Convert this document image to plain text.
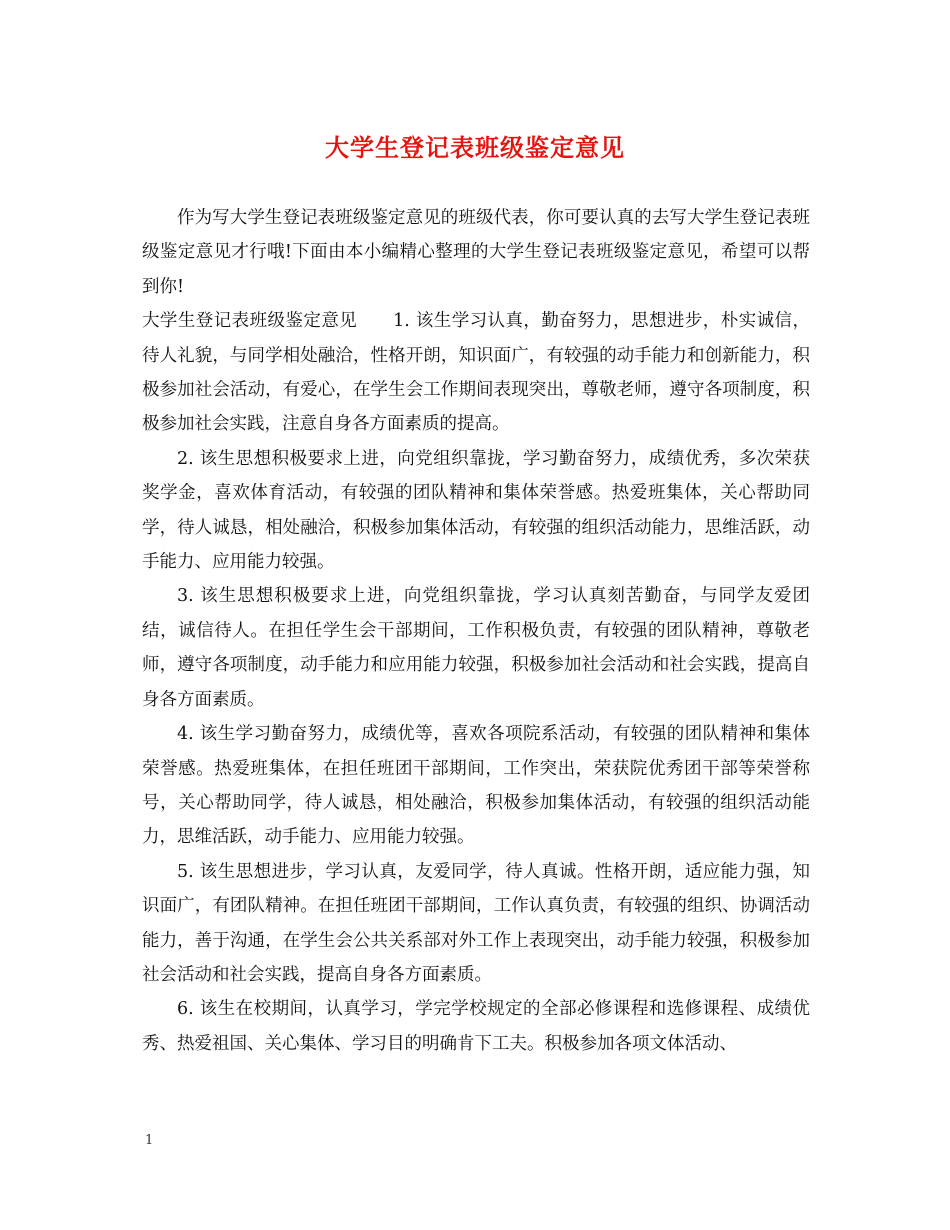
大学生登记表班级鉴定意见

作为写大学生登记表班级鉴定意见的班级代表，你可要认真的去写大学生登记表班级鉴定意见才行哦!下面由本小编精心整理的大学生登记表班级鉴定意见，希望可以帮到你!

大学生登记表班级鉴定意见　　1. 该生学习认真，勤奋努力，思想进步，朴实诚信，待人礼貌，与同学相处融洽，性格开朗，知识面广，有较强的动手能力和创新能力，积极参加社会活动，有爱心，在学生会工作期间表现突出，尊敬老师，遵守各项制度，积极参加社会实践，注意自身各方面素质的提高。

2. 该生思想积极要求上进，向党组织靠拢，学习勤奋努力，成绩优秀，多次荣获奖学金，喜欢体育活动，有较强的团队精神和集体荣誉感。热爱班集体，关心帮助同学，待人诚恳，相处融洽，积极参加集体活动，有较强的组织活动能力，思维活跃，动手能力、应用能力较强。

3. 该生思想积极要求上进，向党组织靠拢，学习认真刻苦勤奋，与同学友爱团结，诚信待人。在担任学生会干部期间，工作积极负责，有较强的团队精神，尊敬老师，遵守各项制度，动手能力和应用能力较强，积极参加社会活动和社会实践，提高自身各方面素质。

4. 该生学习勤奋努力，成绩优等，喜欢各项院系活动，有较强的团队精神和集体荣誉感。热爱班集体，在担任班团干部期间，工作突出，荣获院优秀团干部等荣誉称号，关心帮助同学，待人诚恳，相处融洽，积极参加集体活动，有较强的组织活动能力，思维活跃，动手能力、应用能力较强。

5. 该生思想进步，学习认真，友爱同学，待人真诚。性格开朗，适应能力强，知识面广，有团队精神。在担任班团干部期间，工作认真负责，有较强的组织、协调活动能力，善于沟通，在学生会公共关系部对外工作上表现突出，动手能力较强，积极参加社会活动和社会实践，提高自身各方面素质。

6. 该生在校期间，认真学习，学完学校规定的全部必修课程和选修课程、成绩优秀、热爱祖国、关心集体、学习目的明确肯下工夫。积极参加各项文体活动、

1
